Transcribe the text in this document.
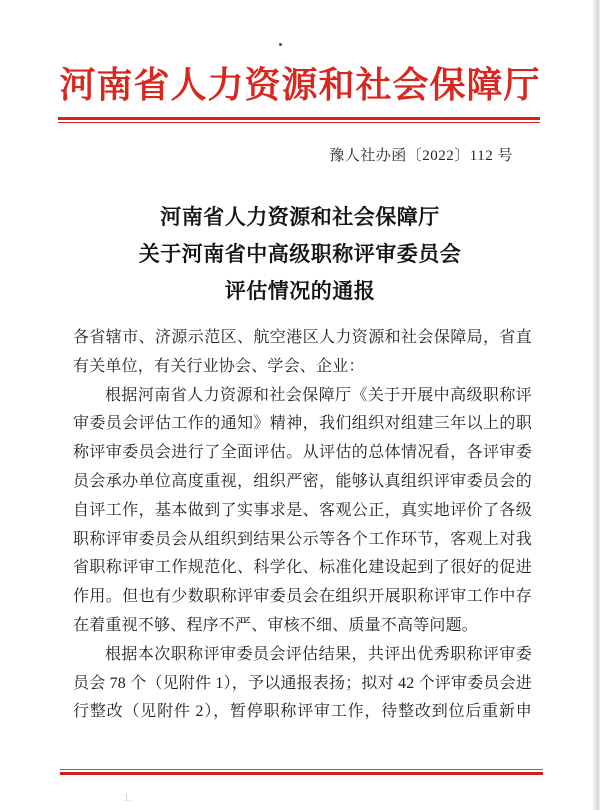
河南省人力资源和社会保障厅
豫人社办函〔2022〕112 号
河南省人力资源和社会保障厅
关于河南省中高级职称评审委员会
评估情况的通报
各省辖市、济源示范区、航空港区人力资源和社会保障局，省直
有关单位，有关行业协会、学会、企业：
根据河南省人力资源和社会保障厅《关于开展中高级职称评
审委员会评估工作的通知》精神，我们组织对组建三年以上的职
称评审委员会进行了全面评估。从评估的总体情况看，各评审委
员会承办单位高度重视，组织严密，能够认真组织评审委员会的
自评工作，基本做到了实事求是、客观公正，真实地评价了各级
职称评审委员会从组织到结果公示等各个工作环节，客观上对我
省职称评审工作规范化、科学化、标准化建设起到了很好的促进
作用。但也有少数职称评审委员会在组织开展职称评审工作中存
在着重视不够、程序不严、审核不细、质量不高等问题。
根据本次职称评审委员会评估结果，共评出优秀职称评审委
员会 78 个（见附件 1），予以通报表扬；拟对 42 个评审委员会进
行整改（见附件 2），暂停职称评审工作，待整改到位后重新申
1.
